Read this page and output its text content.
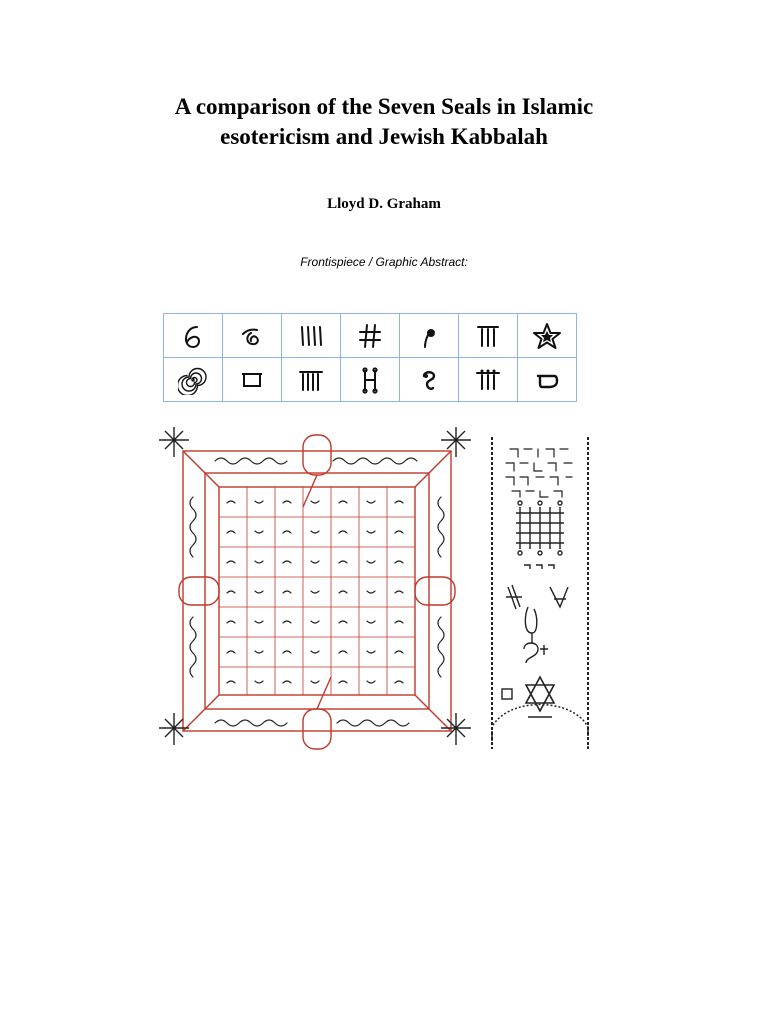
A comparison of the Seven Seals in Islamic
esotericism and Jewish Kabbalah
Lloyd D. Graham
Frontispiece / Graphic Abstract:
